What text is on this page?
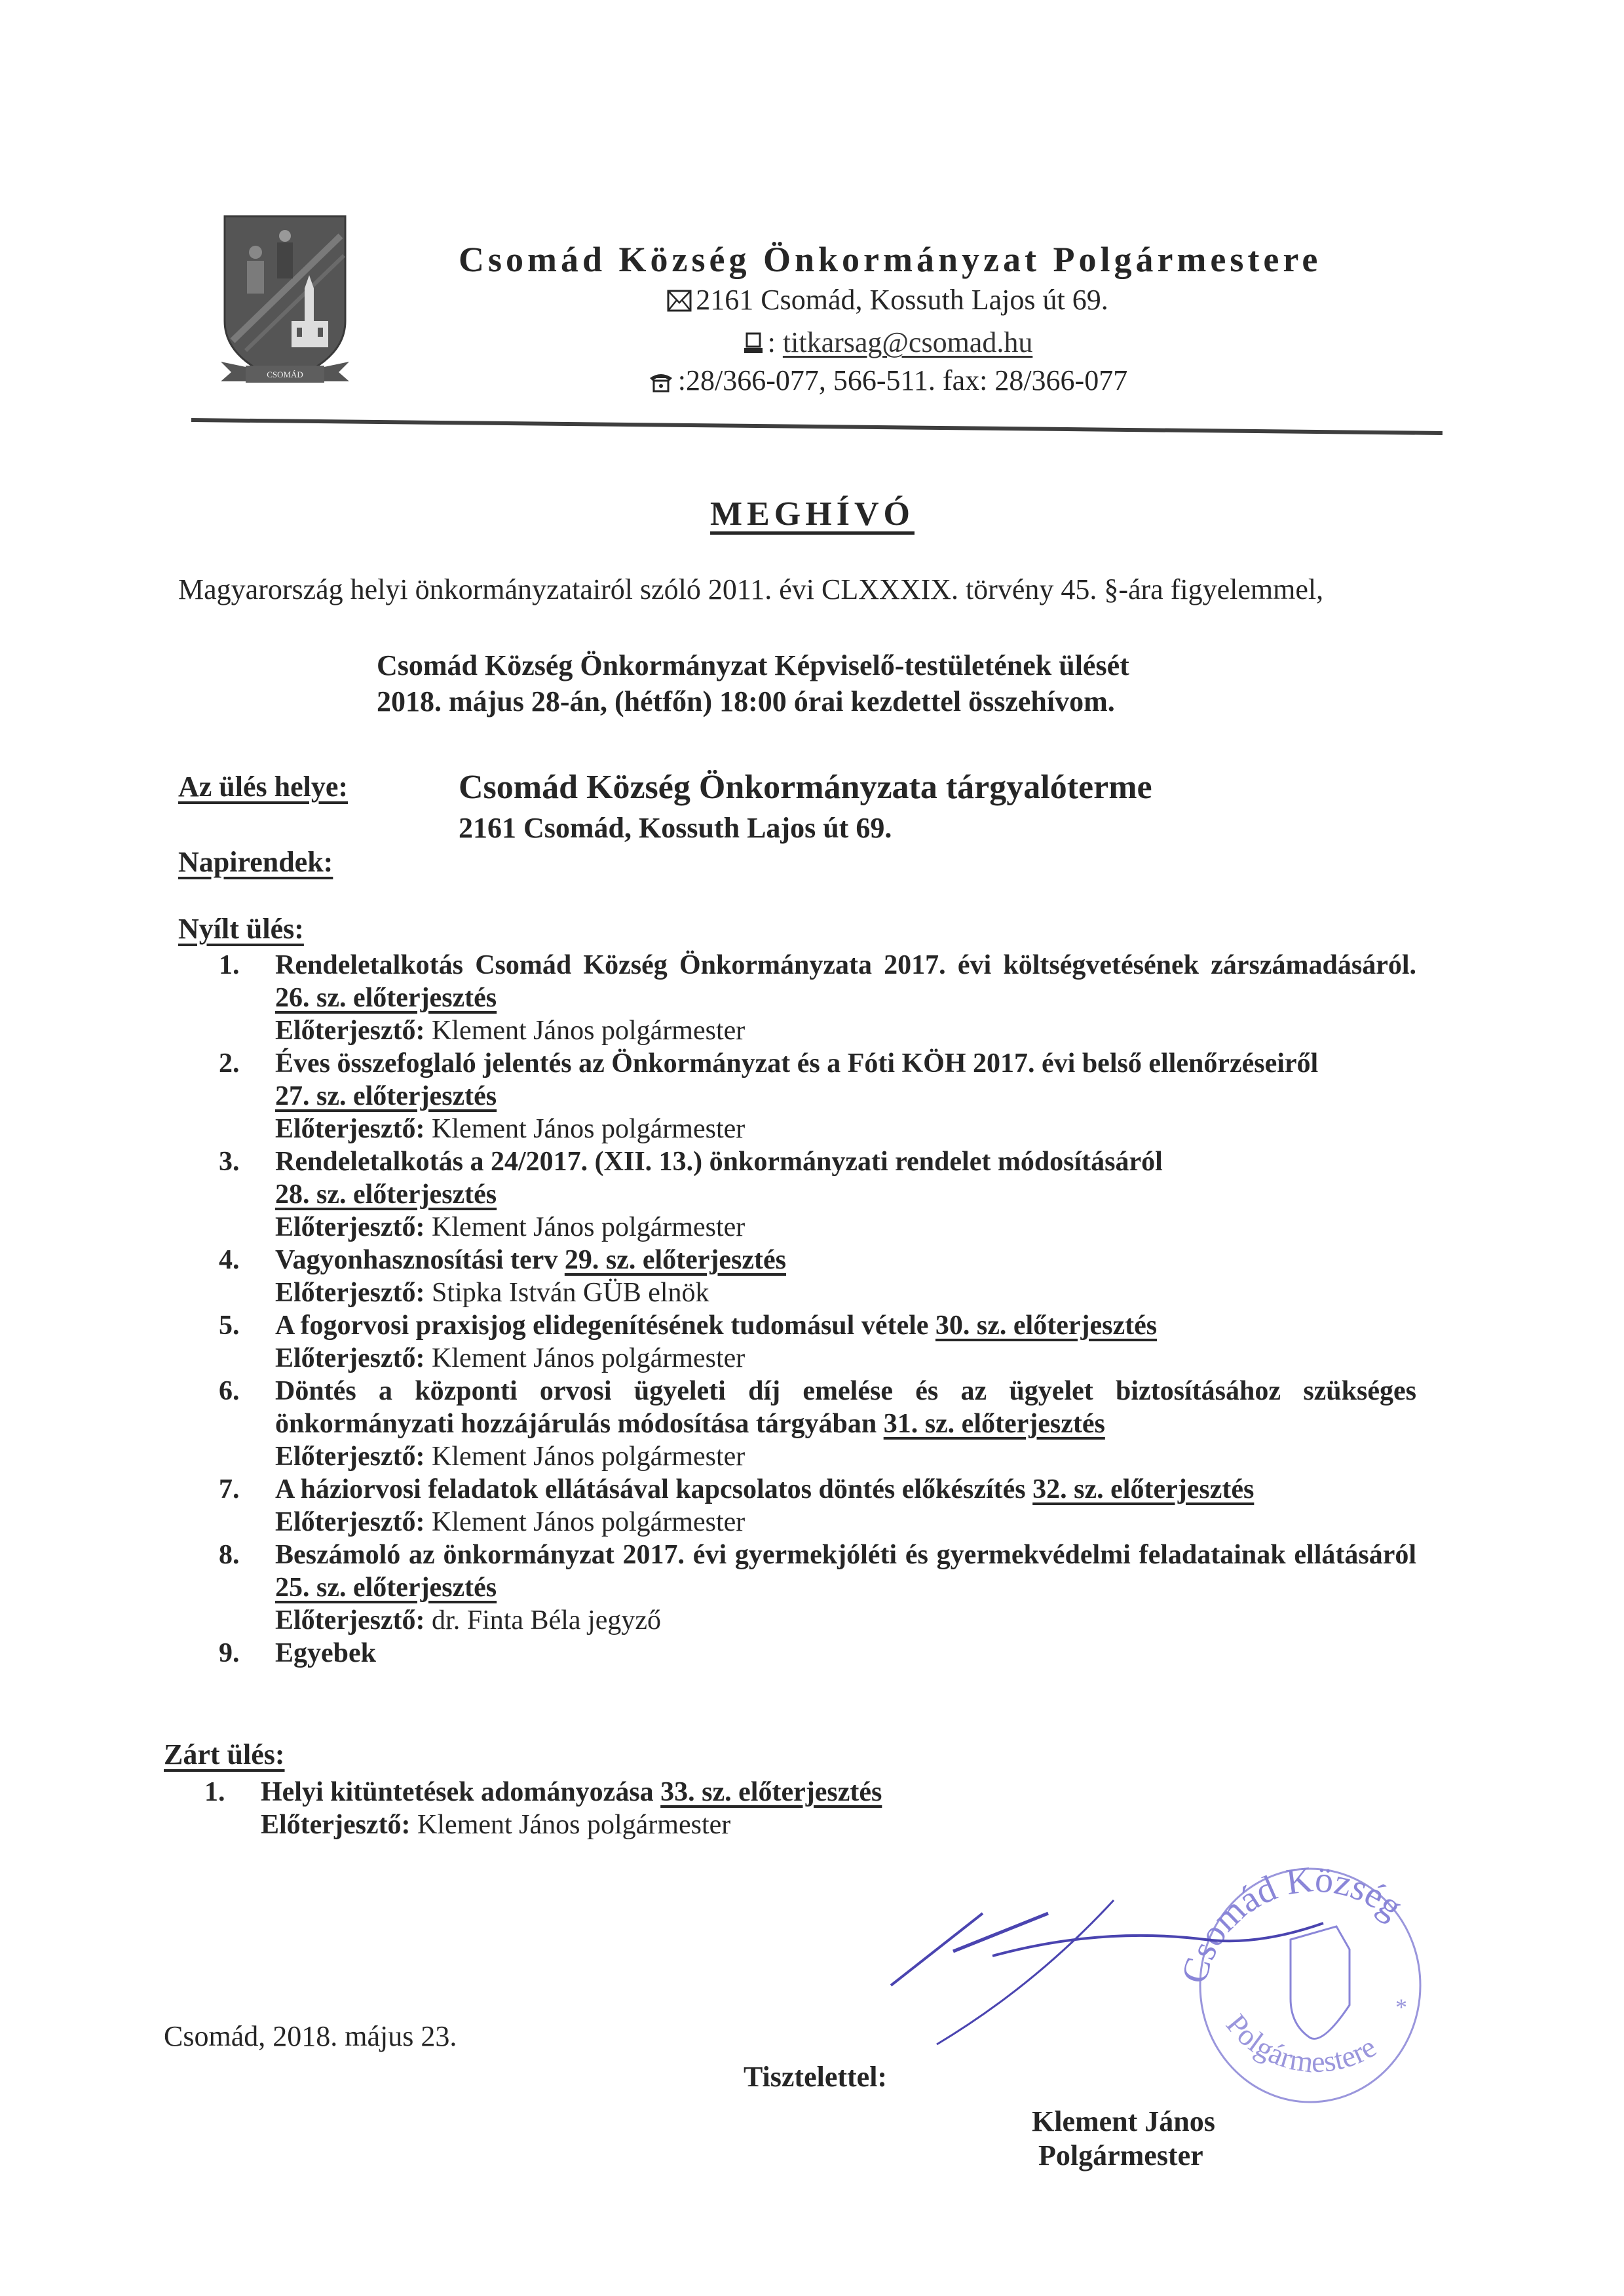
CSOMÁD
Csomád Község Önkormányzat Polgármestere
2161 Csomád, Kossuth Lajos út 69.
: titkarsag@csomad.hu
:28/366-077, 566-511. fax: 28/366-077
MEGHÍVÓ
Magyarország helyi önkormányzatairól szóló 2011. évi CLXXXIX. törvény 45. §-ára figyelemmel,
Csomád Község Önkormányzat Képviselő-testületének ülését
2018. május 28-án, (hétfőn) 18:00 órai kezdettel összehívom.
Az ülés helye:	Csomád Község Önkormányzata tárgyalóterme
2161 Csomád, Kossuth Lajos út 69.
Napirendek:
Nyílt ülés:
1. Rendeletalkotás Csomád Község Önkormányzata 2017. évi költségvetésének zárszámadásáról. 26. sz. előterjesztés
Előterjesztő: Klement János polgármester
2. Éves összefoglaló jelentés az Önkormányzat és a Fóti KÖH 2017. évi belső ellenőrzéseiről
27. sz. előterjesztés
Előterjesztő: Klement János polgármester
3. Rendeletalkotás a 24/2017. (XII. 13.) önkormányzati rendelet módosításáról
28. sz. előterjesztés
Előterjesztő: Klement János polgármester
4. Vagyonhasznosítási terv 29. sz. előterjesztés
Előterjesztő: Stipka István GÜB elnök
5. A fogorvosi praxisjog elidegenítésének tudomásul vétele 30. sz. előterjesztés
Előterjesztő: Klement János polgármester
6. Döntés a központi orvosi ügyeleti díj emelése és az ügyelet biztosításához szükséges önkormányzati hozzájárulás módosítása tárgyában 31. sz. előterjesztés
Előterjesztő: Klement János polgármester
7. A háziorvosi feladatok ellátásával kapcsolatos döntés előkészítés 32. sz. előterjesztés
Előterjesztő: Klement János polgármester
8. Beszámoló az önkormányzat 2017. évi gyermekjóléti és gyermekvédelmi feladatainak ellátásáról 25. sz. előterjesztés
Előterjesztő: dr. Finta Béla jegyző
9. Egyebek
Zárt ülés:
1. Helyi kitüntetések adományozása 33. sz. előterjesztés
Előterjesztő: Klement János polgármester
Csomád, 2018. május 23.
Tisztelettel:
Csomád Község
Polgármestere
*
Klement János
Polgármester
